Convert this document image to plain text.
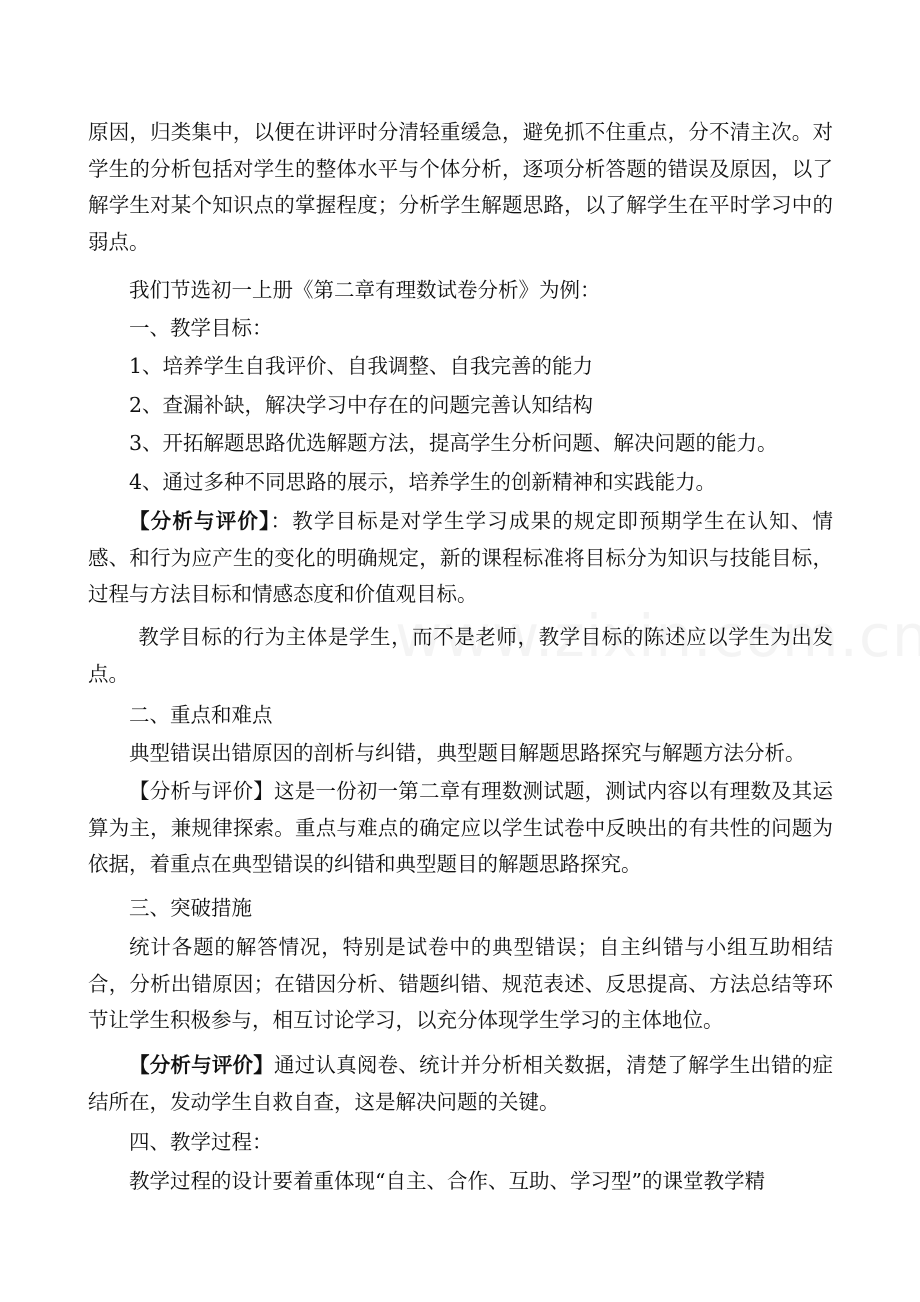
原因，归类集中，以便在讲评时分清轻重缓急，避免抓不住重点，分不清主次。对学生的分析包括对学生的整体水平与个体分析，逐项分析答题的错误及原因，以了解学生对某个知识点的掌握程度；分析学生解题思路，以了解学生在平时学习中的弱点。

我们节选初一上册《第二章有理数试卷分析》为例：

一、教学目标：

1、培养学生自我评价、自我调整、自我完善的能力

2、查漏补缺，解决学习中存在的问题完善认知结构

3、开拓解题思路优选解题方法，提高学生分析问题、解决问题的能力。

4、通过多种不同思路的展示，培养学生的创新精神和实践能力。

【分析与评价】：教学目标是对学生学习成果的规定即预期学生在认知、情感、和行为应产生的变化的明确规定，新的课程标准将目标分为知识与技能目标，过程与方法目标和情感态度和价值观目标。

教学目标的行为主体是学生，而不是老师，教学目标的陈述应以学生为出发点。

二、重点和难点

典型错误出错原因的剖析与纠错，典型题目解题思路探究与解题方法分析。

【分析与评价】这是一份初一第二章有理数测试题，测试内容以有理数及其运算为主，兼规律探索。重点与难点的确定应以学生试卷中反映出的有共性的问题为依据，着重点在典型错误的纠错和典型题目的解题思路探究。

三、突破措施

统计各题的解答情况，特别是试卷中的典型错误；自主纠错与小组互助相结合，分析出错原因；在错因分析、错题纠错、规范表述、反思提高、方法总结等环节让学生积极参与，相互讨论学习，以充分体现学生学习的主体地位。

【分析与评价】通过认真阅卷、统计并分析相关数据，清楚了解学生出错的症结所在，发动学生自救自查，这是解决问题的关键。

四、教学过程：

教学过程的设计要着重体现“自主、合作、互助、学习型”的课堂教学精
